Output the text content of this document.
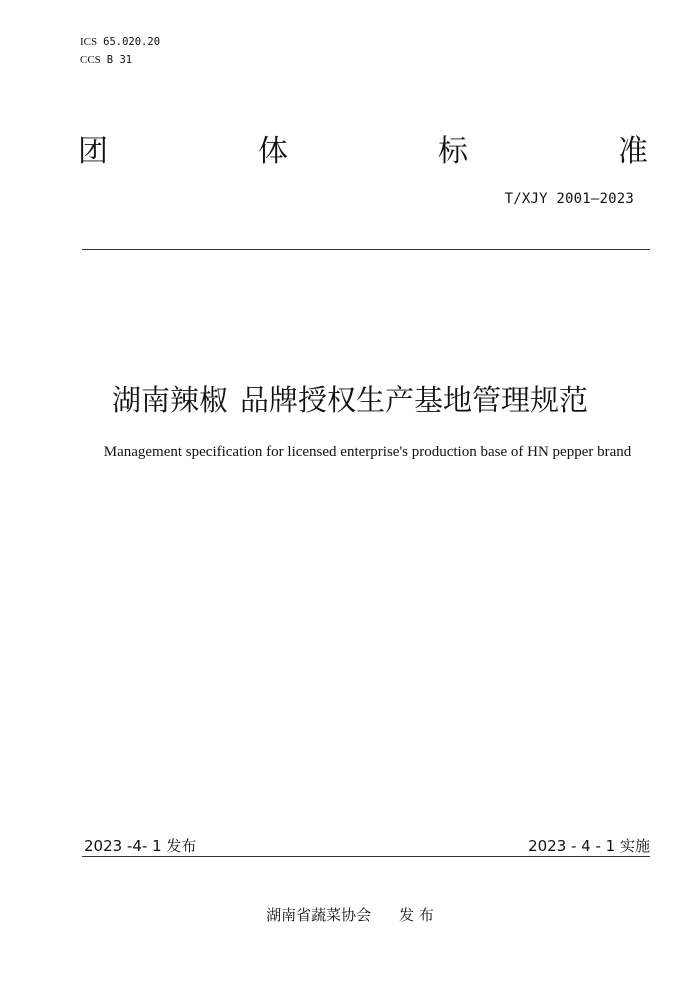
ICS 65.020.20
CCS B 31
团	体	标	准
T/XJY 2001—2023
湖南辣椒 品牌授权生产基地管理规范
Management specification for licensed enterprise's production base of HN pepper brand
2023 -4- 1 发布	2023 - 4 - 1 实施
湖南省蔬菜协会 发 布
